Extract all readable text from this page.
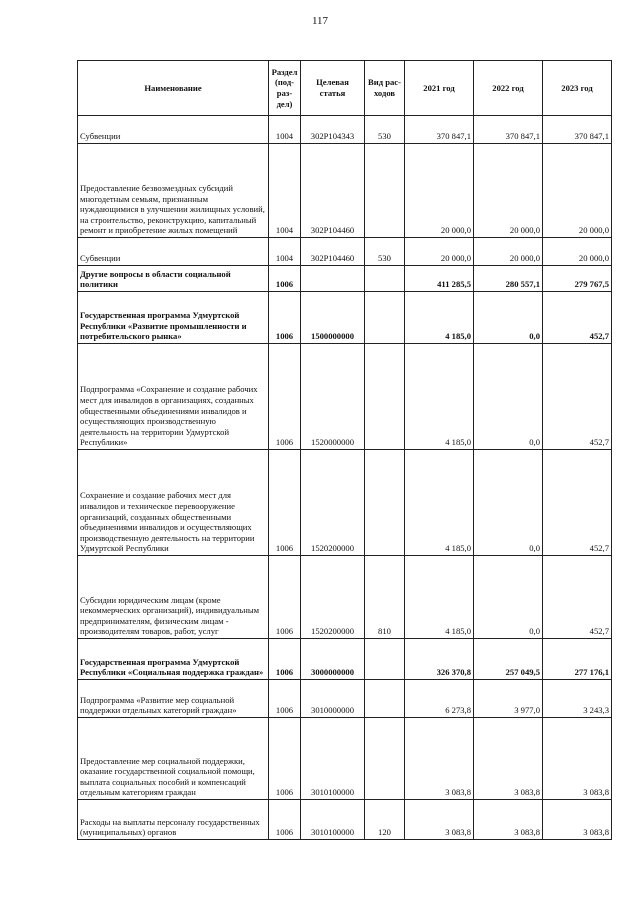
117
Наименование	Раздел (под-раз-дел)	Целевая статья	Вид рас-ходов	2021 год	2022 год	2023 год
Субвенции	1004	302P104343	530	370 847,1	370 847,1	370 847,1
Предоставление безвозмездных субсидий многодетным семьям, признанным нуждающимися в улучшении жилищных условий, на строительство, реконструкцию, капитальный ремонт и приобретение жилых помещений	1004	302P104460		20 000,0	20 000,0	20 000,0
Субвенции	1004	302P104460	530	20 000,0	20 000,0	20 000,0
Другие вопросы в области социальной политики	1006			411 285,5	280 557,1	279 767,5
Государственная программа Удмуртской Республики «Развитие промышленности и потребительского рынка»	1006	1500000000		4 185,0	0,0	452,7
Подпрограмма «Сохранение и создание рабочих мест для инвалидов в организациях, созданных общественными объединениями инвалидов и осуществляющих производственную деятельность на территории Удмуртской Республики»	1006	1520000000		4 185,0	0,0	452,7
Сохранение и создание рабочих мест для инвалидов и техническое перевооружение организаций, созданных общественными объединениями инвалидов и осуществляющих производственную деятельность на территории Удмуртской Республики	1006	1520200000		4 185,0	0,0	452,7
Субсидии юридическим лицам (кроме некоммерческих организаций), индивидуальным предпринимателям, физическим лицам - производителям товаров, работ, услуг	1006	1520200000	810	4 185,0	0,0	452,7
Государственная программа Удмуртской Республики «Социальная поддержка граждан»	1006	3000000000		326 370,8	257 049,5	277 176,1
Подпрограмма «Развитие мер социальной поддержки отдельных категорий граждан»	1006	3010000000		6 273,8	3 977,0	3 243,3
Предоставление мер социальной поддержки, оказание государственной социальной помощи, выплата социальных пособий и компенсаций отдельным категориям граждан	1006	3010100000		3 083,8	3 083,8	3 083,8
Расходы на выплаты персоналу государственных (муниципальных) органов	1006	3010100000	120	3 083,8	3 083,8	3 083,8
